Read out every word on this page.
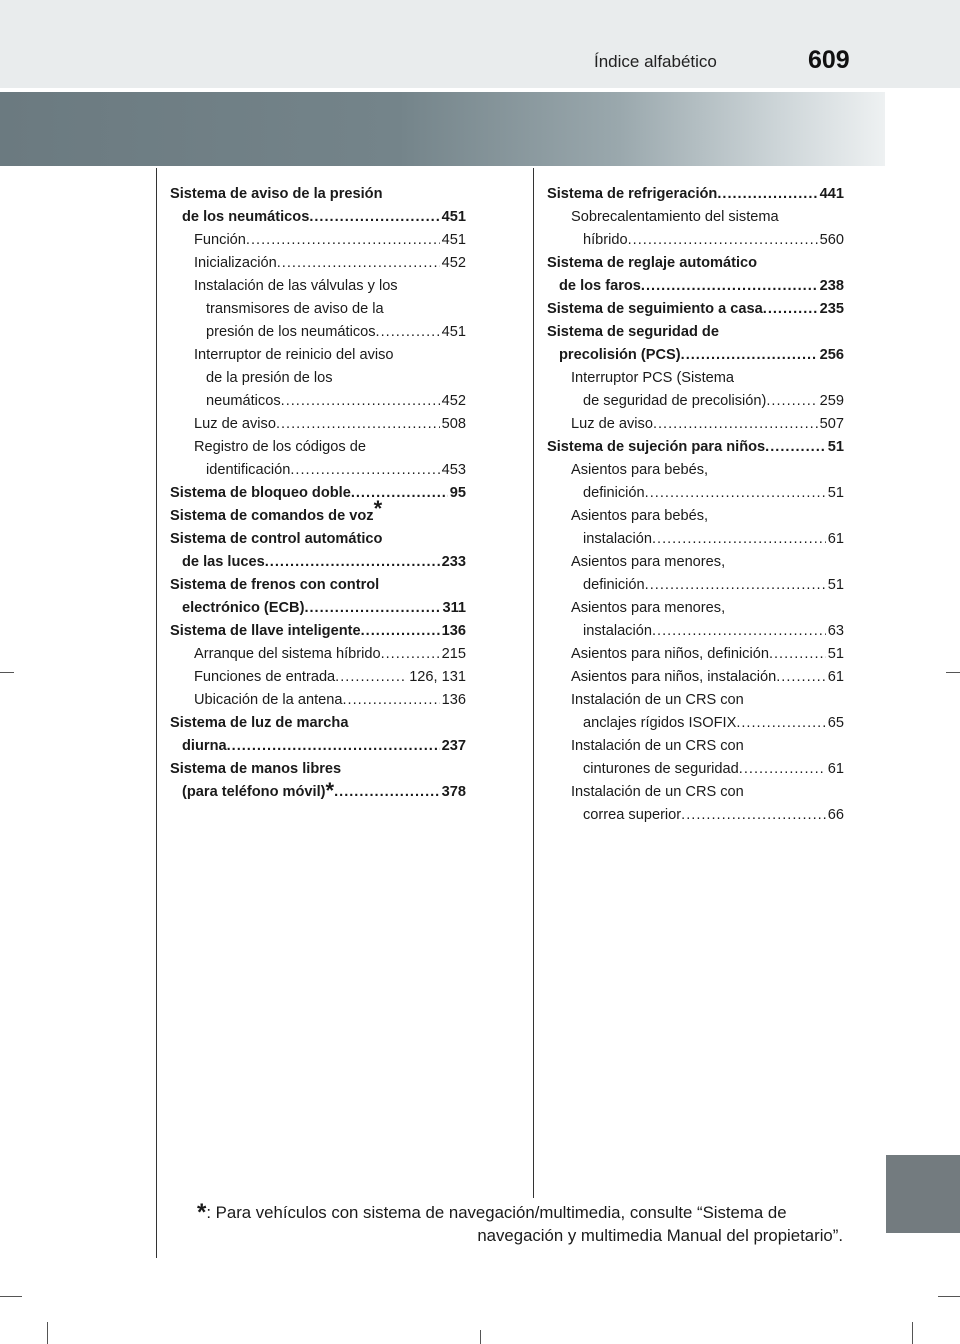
Índice alfabético	609
Sistema de aviso de la presión
de los neumáticos .....	451
Función .....	451
Inicialización .....	452
Instalación de las válvulas y los
transmisores de aviso de la
presión de los neumáticos .....	451
Interruptor de reinicio del aviso
de la presión de los
neumáticos .....	452
Luz de aviso .....	508
Registro de los códigos de
identificación .....	453
Sistema de bloqueo doble .....	95
Sistema de comandos de voz*
Sistema de control automático
de las luces .....	233
Sistema de frenos con control
electrónico (ECB) .....	311
Sistema de llave inteligente .....	136
Arranque del sistema híbrido .....	215
Funciones de entrada .....	126, 131
Ubicación de la antena .....	136
Sistema de luz de marcha
diurna .....	237
Sistema de manos libres
(para teléfono móvil)* .....	378
Sistema de refrigeración .....	441
Sobrecalentamiento del sistema
híbrido .....	560
Sistema de reglaje automático
de los faros .....	238
Sistema de seguimiento a casa .....	235
Sistema de seguridad de
precolisión (PCS) .....	256
Interruptor PCS (Sistema
de seguridad de precolisión) .....	259
Luz de aviso .....	507
Sistema de sujeción para niños .....	51
Asientos para bebés,
definición .....	51
Asientos para bebés,
instalación .....	61
Asientos para menores,
definición .....	51
Asientos para menores,
instalación .....	63
Asientos para niños, definición .....	51
Asientos para niños, instalación .....	61
Instalación de un CRS con
anclajes rígidos ISOFIX .....	65
Instalación de un CRS con
cinturones de seguridad .....	61
Instalación de un CRS con
correa superior .....	66
*: Para vehículos con sistema de navegación/multimedia, consulte “Sistema de
navegación y multimedia Manual del propietario”.
